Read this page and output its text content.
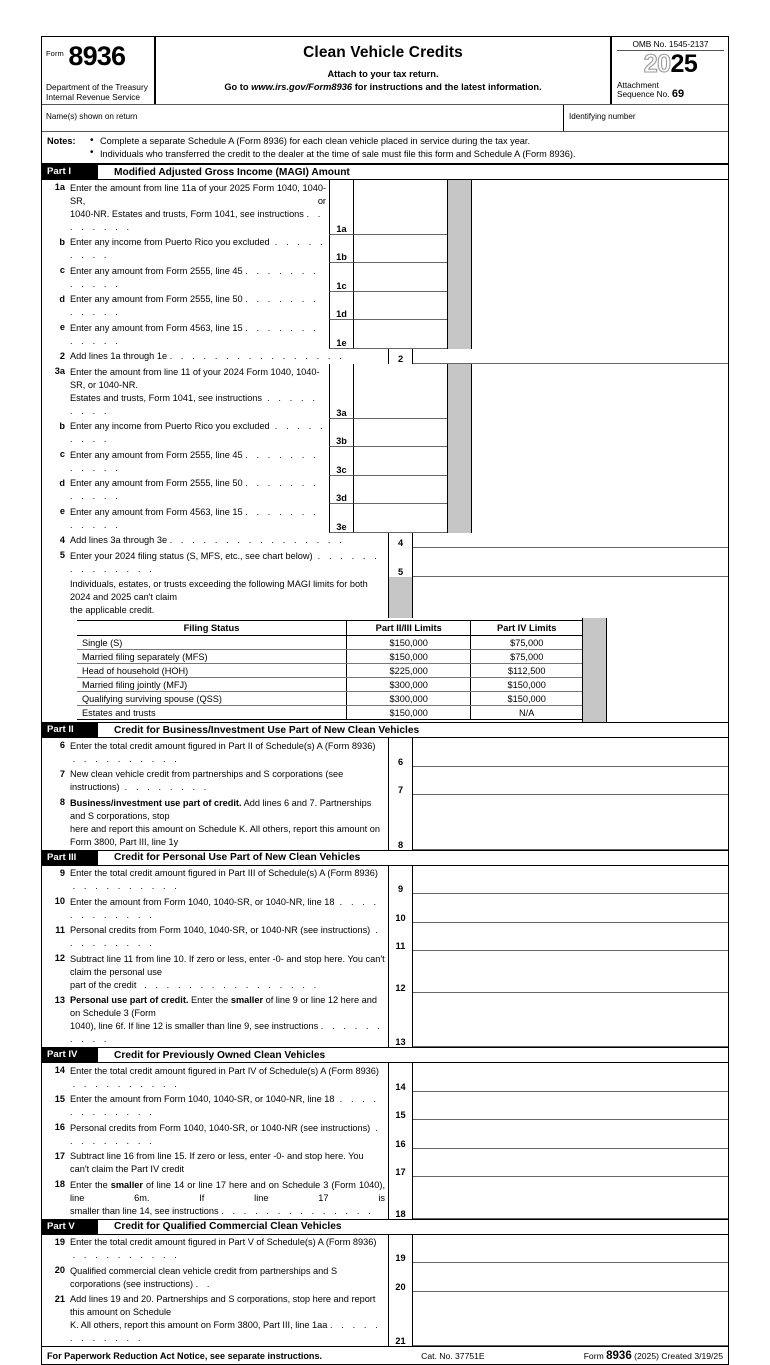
$^{Form}$ 8936
Department of the Treasury
Internal Revenue Service
Clean Vehicle Credits
Attach to your tax return.
Go to www.irs.gov/Form8936 for instructions and the latest information.
OMB No. 1545-2137
2025
Attachment
Sequence No. 69
Name(s) shown on return	Identifying number
Notes:	• Complete a separate Schedule A (Form 8936) for each clean vehicle placed in service during the tax year.
• Individuals who transferred the credit to the dealer at the time of sale must file this form and Schedule A (Form 8936).
Part I	Modified Adjusted Gross Income (MAGI) Amount
1a Enter the amount from line 11a of your 2025 Form 1040, 1040-SR, or
1040-NR. Estates and trusts, Form 1041, see instructions . . . . . . . .	1a
b Enter any income from Puerto Rico you excluded . . . . . . . . .	1b
c Enter any amount from Form 2555, line 45 . . . . . . . . . . . .	1c
d Enter any amount from Form 2555, line 50 . . . . . . . . . . . .	1d
e Enter any amount from Form 4563, line 15 . . . . . . . . . . . .	1e
2 Add lines 1a through 1e . . . . . . . . . . . . . . . .	2
3a Enter the amount from line 11 of your 2024 Form 1040, 1040-SR, or 1040-NR.
Estates and trusts, Form 1041, see instructions . . . . . . . . .	3a
b Enter any income from Puerto Rico you excluded . . . . . . . . .	3b
c Enter any amount from Form 2555, line 45 . . . . . . . . . . . .	3c
d Enter any amount from Form 2555, line 50 . . . . . . . . . . . .	3d
e Enter any amount from Form 4563, line 15 . . . . . . . . . . . .	3e
4 Add lines 3a through 3e . . . . . . . . . . . . . . . .	4
5 Enter your 2024 filing status (S, MFS, etc., see chart below) . . . . . . . . . . . . . .	5
Individuals, estates, or trusts exceeding the following MAGI limits for both 2024 and 2025 can't claim
the applicable credit.
Filing Status	Part II/III Limits	Part IV Limits
Single (S)	$150,000	$75,000
Married filing separately (MFS)	$150,000	$75,000
Head of household (HOH)	$225,000	$112,500
Married filing jointly (MFJ)	$300,000	$150,000
Qualifying surviving spouse (QSS)	$300,000	$150,000
Estates and trusts	$150,000	N/A
Part II	Credit for Business/Investment Use Part of New Clean Vehicles
6 Enter the total credit amount figured in Part II of Schedule(s) A (Form 8936)  . . . . . . . . . .	6
7 New clean vehicle credit from partnerships and S corporations (see instructions) . . . . . . . .	7
8 Business/investment use part of credit. Add lines 6 and 7. Partnerships and S corporations, stop
here and report this amount on Schedule K. All others, report this amount on Form 3800, Part III, line 1y	8
Part III	Credit for Personal Use Part of New Clean Vehicles
9 Enter the total credit amount figured in Part III of Schedule(s) A (Form 8936)  . . . . . . . . . .	9
10 Enter the amount from Form 1040, 1040-SR, or 1040-NR, line 18 . . . . . . . . . . . .	10
11 Personal credits from Form 1040, 1040-SR, or 1040-NR (see instructions) . . . . . . . . .	11
12 Subtract line 11 from line 10. If zero or less, enter -0- and stop here. You can't claim the personal use
part of the credit . . . . . . . . . . . . . . . .	12
13 Personal use part of credit. Enter the smaller of line 9 or line 12 here and on Schedule 3 (Form
1040), line 6f. If line 12 is smaller than line 9, see instructions . . . . . . . . . .	13
Part IV	Credit for Previously Owned Clean Vehicles
14 Enter the total credit amount figured in Part IV of Schedule(s) A (Form 8936)  . . . . . . . . . .	14
15 Enter the amount from Form 1040, 1040-SR, or 1040-NR, line 18 . . . . . . . . . . . .	15
16 Personal credits from Form 1040, 1040-SR, or 1040-NR (see instructions) . . . . . . . . .	16
17 Subtract line 16 from line 15. If zero or less, enter -0- and stop here. You can't claim the Part IV credit	17
18 Enter the smaller of line 14 or line 17 here and on Schedule 3 (Form 1040), line 6m. If line 17 is
smaller than line 14, see instructions . . . . . . . . . . . . . .	18
Part V	Credit for Qualified Commercial Clean Vehicles
19 Enter the total credit amount figured in Part V of Schedule(s) A (Form 8936)  . . . . . . . . . .	19
20 Qualified commercial clean vehicle credit from partnerships and S corporations (see instructions) . .	20
21 Add lines 19 and 20. Partnerships and S corporations, stop here and report this amount on Schedule
K. All others, report this amount on Form 3800, Part III, line 1aa . . . . . . . . . . . .	21
For Paperwork Reduction Act Notice, see separate instructions.	Cat. No. 37751E	Form 8936 (2025) Created 3/19/25
